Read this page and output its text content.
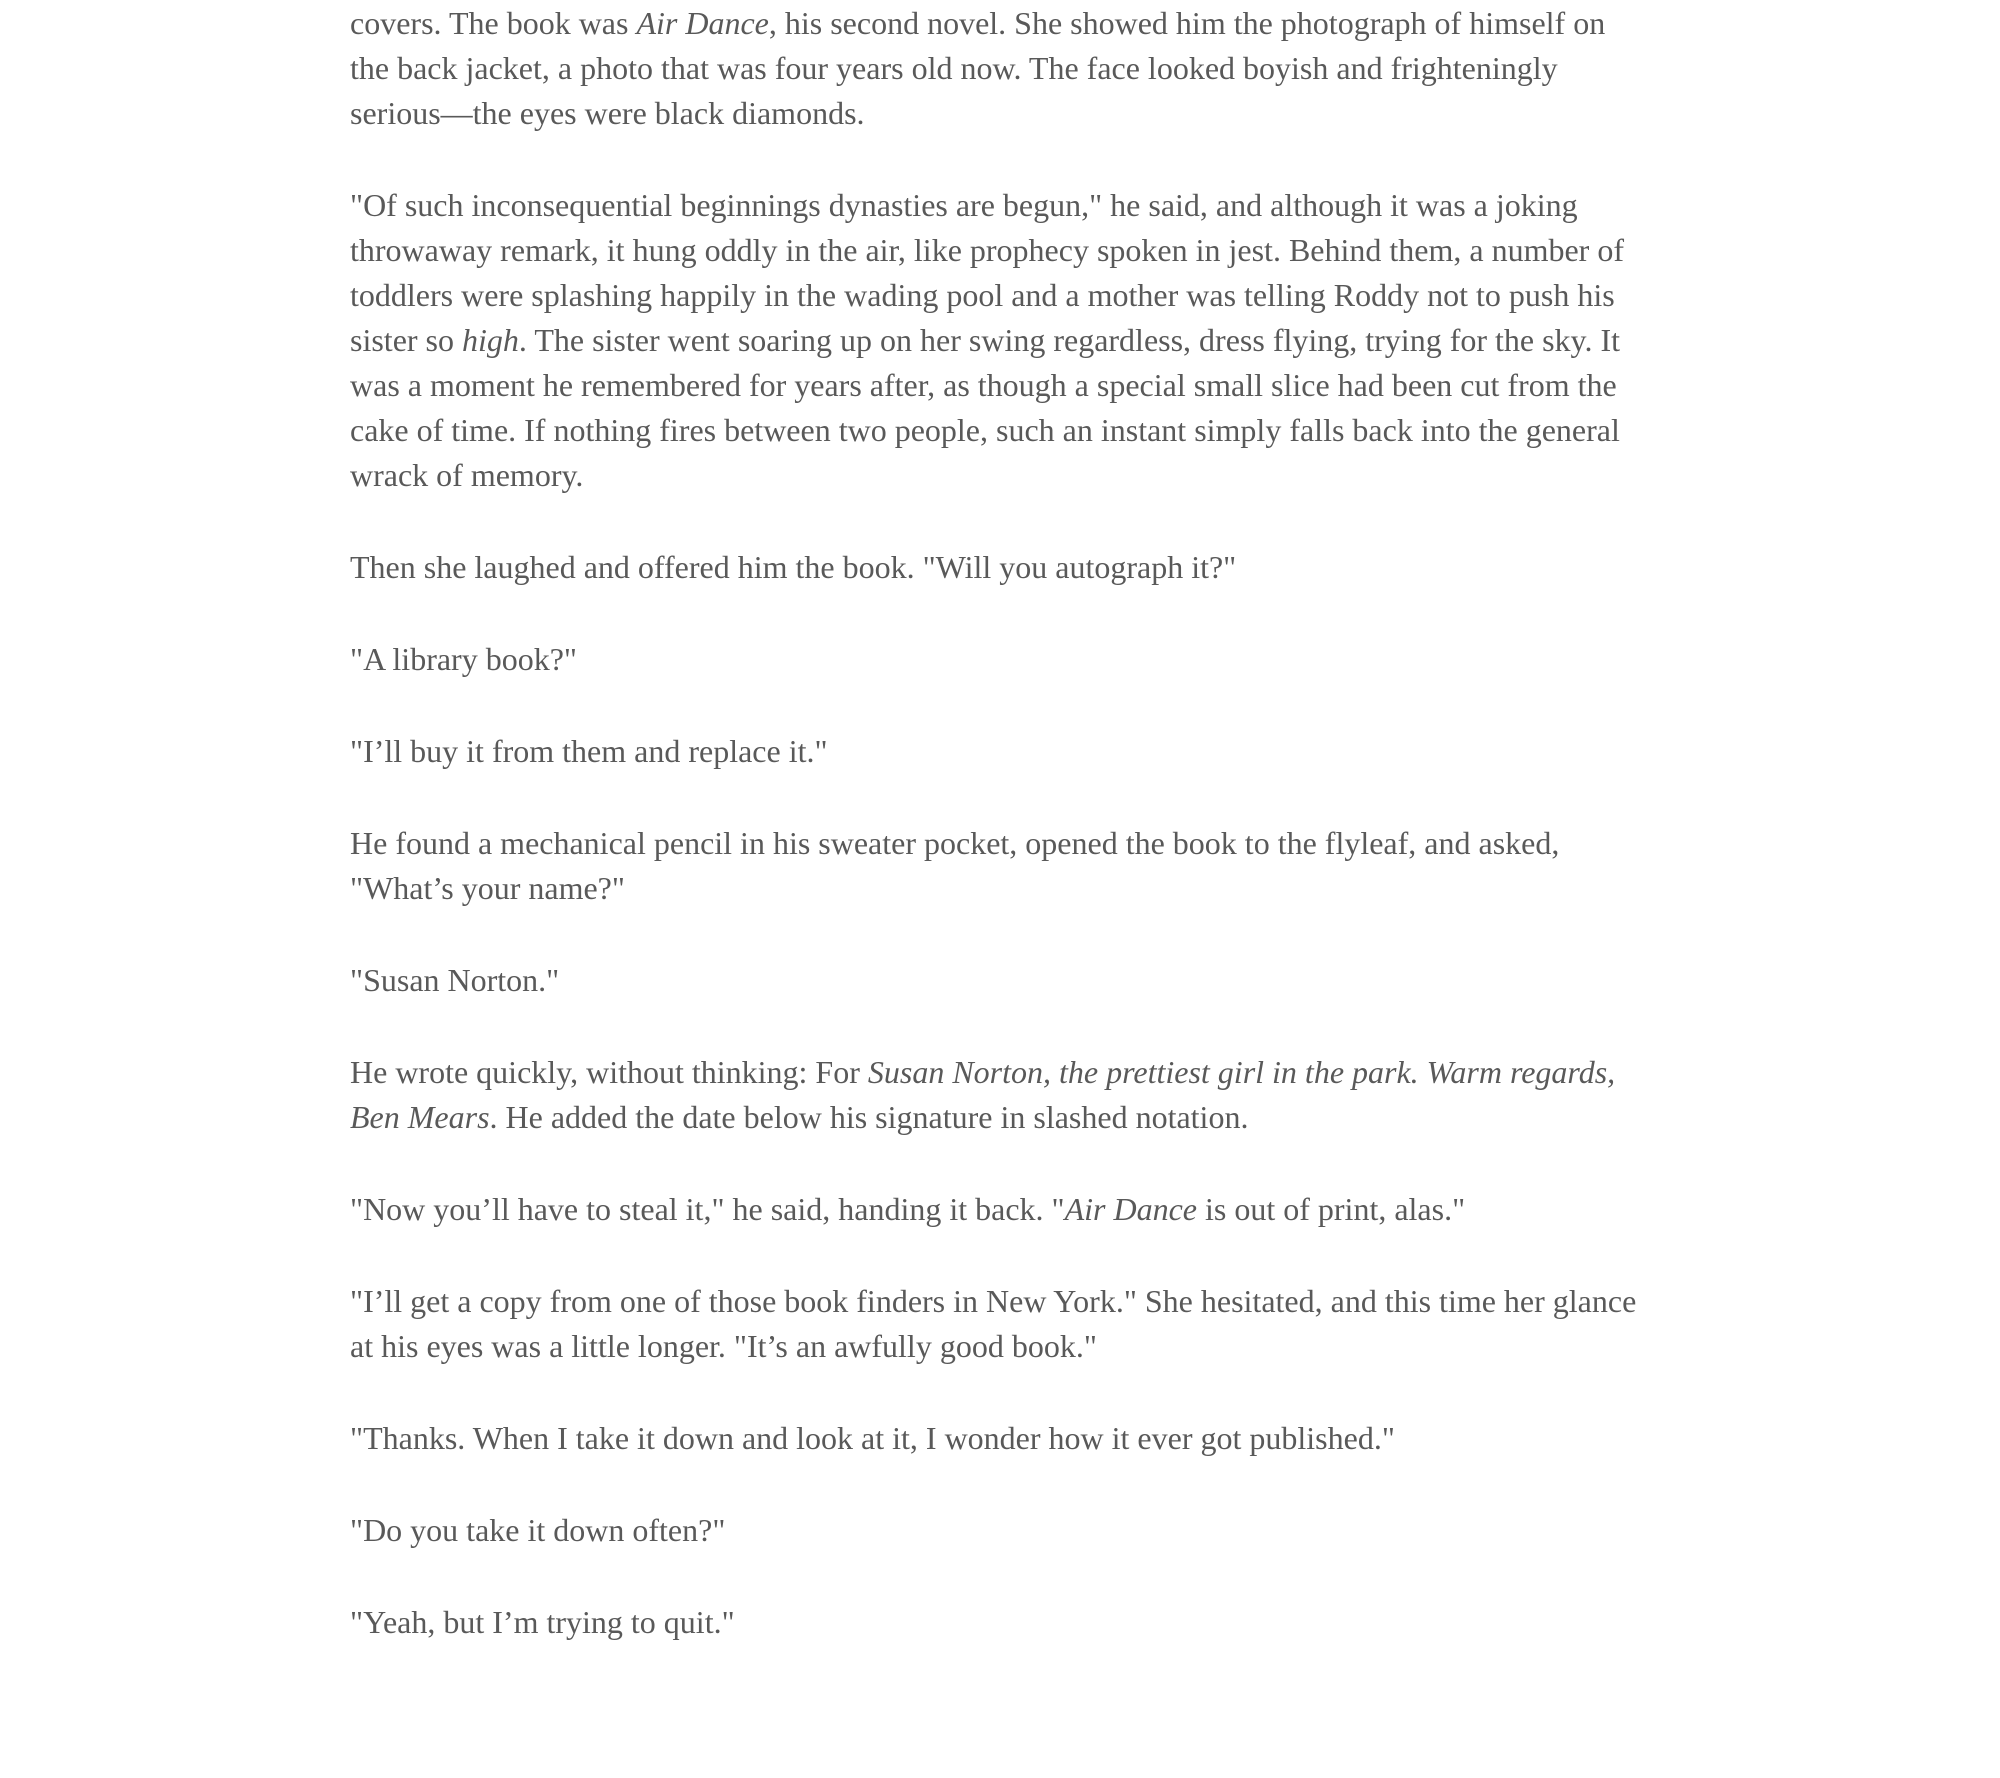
covers. The book was Air Dance, his second novel. She showed him the photograph of himself on the back jacket, a photo that was four years old now. The face looked boyish and frighteningly serious—the eyes were black diamonds.

"Of such inconsequential beginnings dynasties are begun," he said, and although it was a joking throwaway remark, it hung oddly in the air, like prophecy spoken in jest. Behind them, a number of toddlers were splashing happily in the wading pool and a mother was telling Roddy not to push his sister so high. The sister went soaring up on her swing regardless, dress flying, trying for the sky. It was a moment he remembered for years after, as though a special small slice had been cut from the cake of time. If nothing fires between two people, such an instant simply falls back into the general wrack of memory.

Then she laughed and offered him the book. "Will you autograph it?"

"A library book?"

"I’ll buy it from them and replace it."

He found a mechanical pencil in his sweater pocket, opened the book to the flyleaf, and asked, "What’s your name?"

"Susan Norton."

He wrote quickly, without thinking: For Susan Norton, the prettiest girl in the park. Warm regards, Ben Mears. He added the date below his signature in slashed notation.

"Now you’ll have to steal it," he said, handing it back. "Air Dance is out of print, alas."

"I’ll get a copy from one of those book finders in New York." She hesitated, and this time her glance at his eyes was a little longer. "It’s an awfully good book."

"Thanks. When I take it down and look at it, I wonder how it ever got published."

"Do you take it down often?"

"Yeah, but I’m trying to quit."
